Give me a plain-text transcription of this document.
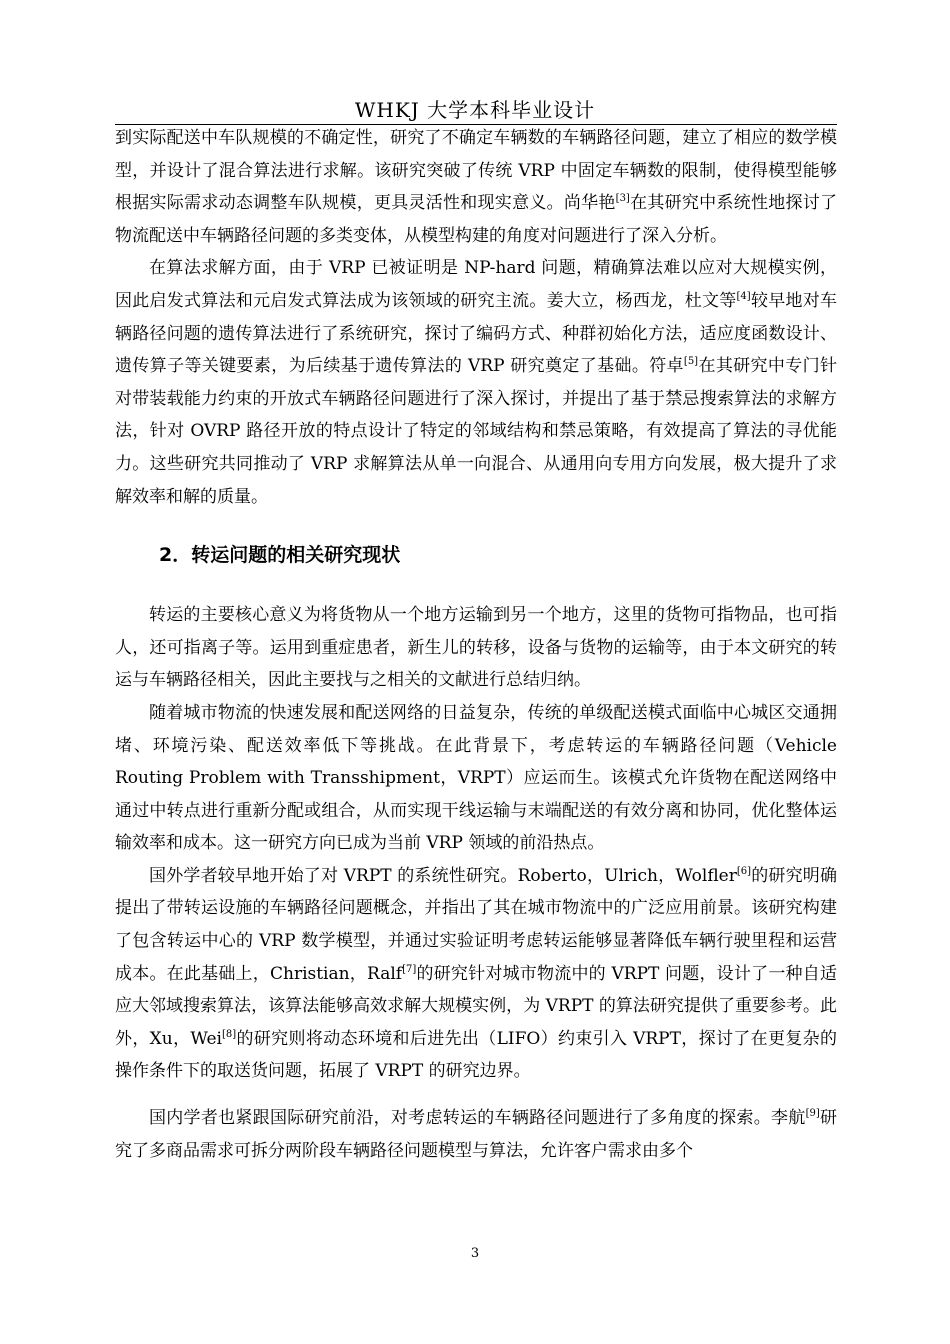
WHKJ 大学本科毕业设计

到实际配送中车队规模的不确定性，研究了不确定车辆数的车辆路径问题，建立了相应的数学模型，并设计了混合算法进行求解。该研究突破了传统 VRP 中固定车辆数的限制，使得模型能够根据实际需求动态调整车队规模，更具灵活性和现实意义。尚华艳[3]在其研究中系统性地探讨了物流配送中车辆路径问题的多类变体，从模型构建的角度对问题进行了深入分析。

在算法求解方面，由于 VRP 已被证明是 NP-hard 问题，精确算法难以应对大规模实例，因此启发式算法和元启发式算法成为该领域的研究主流。姜大立，杨西龙，杜文等[4]较早地对车辆路径问题的遗传算法进行了系统研究，探讨了编码方式、种群初始化方法，适应度函数设计、遗传算子等关键要素，为后续基于遗传算法的 VRP 研究奠定了基础。符卓[5]在其研究中专门针对带装载能力约束的开放式车辆路径问题进行了深入探讨，并提出了基于禁忌搜索算法的求解方法，针对 OVRP 路径开放的特点设计了特定的邻域结构和禁忌策略，有效提高了算法的寻优能力。这些研究共同推动了 VRP 求解算法从单一向混合、从通用向专用方向发展，极大提升了求解效率和解的质量。

2．转运问题的相关研究现状

转运的主要核心意义为将货物从一个地方运输到另一个地方，这里的货物可指物品，也可指人，还可指离子等。运用到重症患者，新生儿的转移，设备与货物的运输等，由于本文研究的转运与车辆路径相关，因此主要找与之相关的文献进行总结归纳。

随着城市物流的快速发展和配送网络的日益复杂，传统的单级配送模式面临中心城区交通拥堵、环境污染、配送效率低下等挑战。在此背景下，考虑转运的车辆路径问题（Vehicle Routing Problem with Transshipment，VRPT）应运而生。该模式允许货物在配送网络中通过中转点进行重新分配或组合，从而实现干线运输与末端配送的有效分离和协同，优化整体运输效率和成本。这一研究方向已成为当前 VRP 领域的前沿热点。

国外学者较早地开始了对 VRPT 的系统性研究。Roberto，Ulrich，Wolfler[6]的研究明确提出了带转运设施的车辆路径问题概念，并指出了其在城市物流中的广泛应用前景。该研究构建了包含转运中心的 VRP 数学模型，并通过实验证明考虑转运能够显著降低车辆行驶里程和运营成本。在此基础上，Christian，Ralf[7]的研究针对城市物流中的 VRPT 问题，设计了一种自适应大邻域搜索算法，该算法能够高效求解大规模实例，为 VRPT 的算法研究提供了重要参考。此外，Xu，Wei[8]的研究则将动态环境和后进先出（LIFO）约束引入 VRPT，探讨了在更复杂的操作条件下的取送货问题，拓展了 VRPT 的研究边界。

国内学者也紧跟国际研究前沿，对考虑转运的车辆路径问题进行了多角度的探索。李航[9]研究了多商品需求可拆分两阶段车辆路径问题模型与算法，允许客户需求由多个

3
